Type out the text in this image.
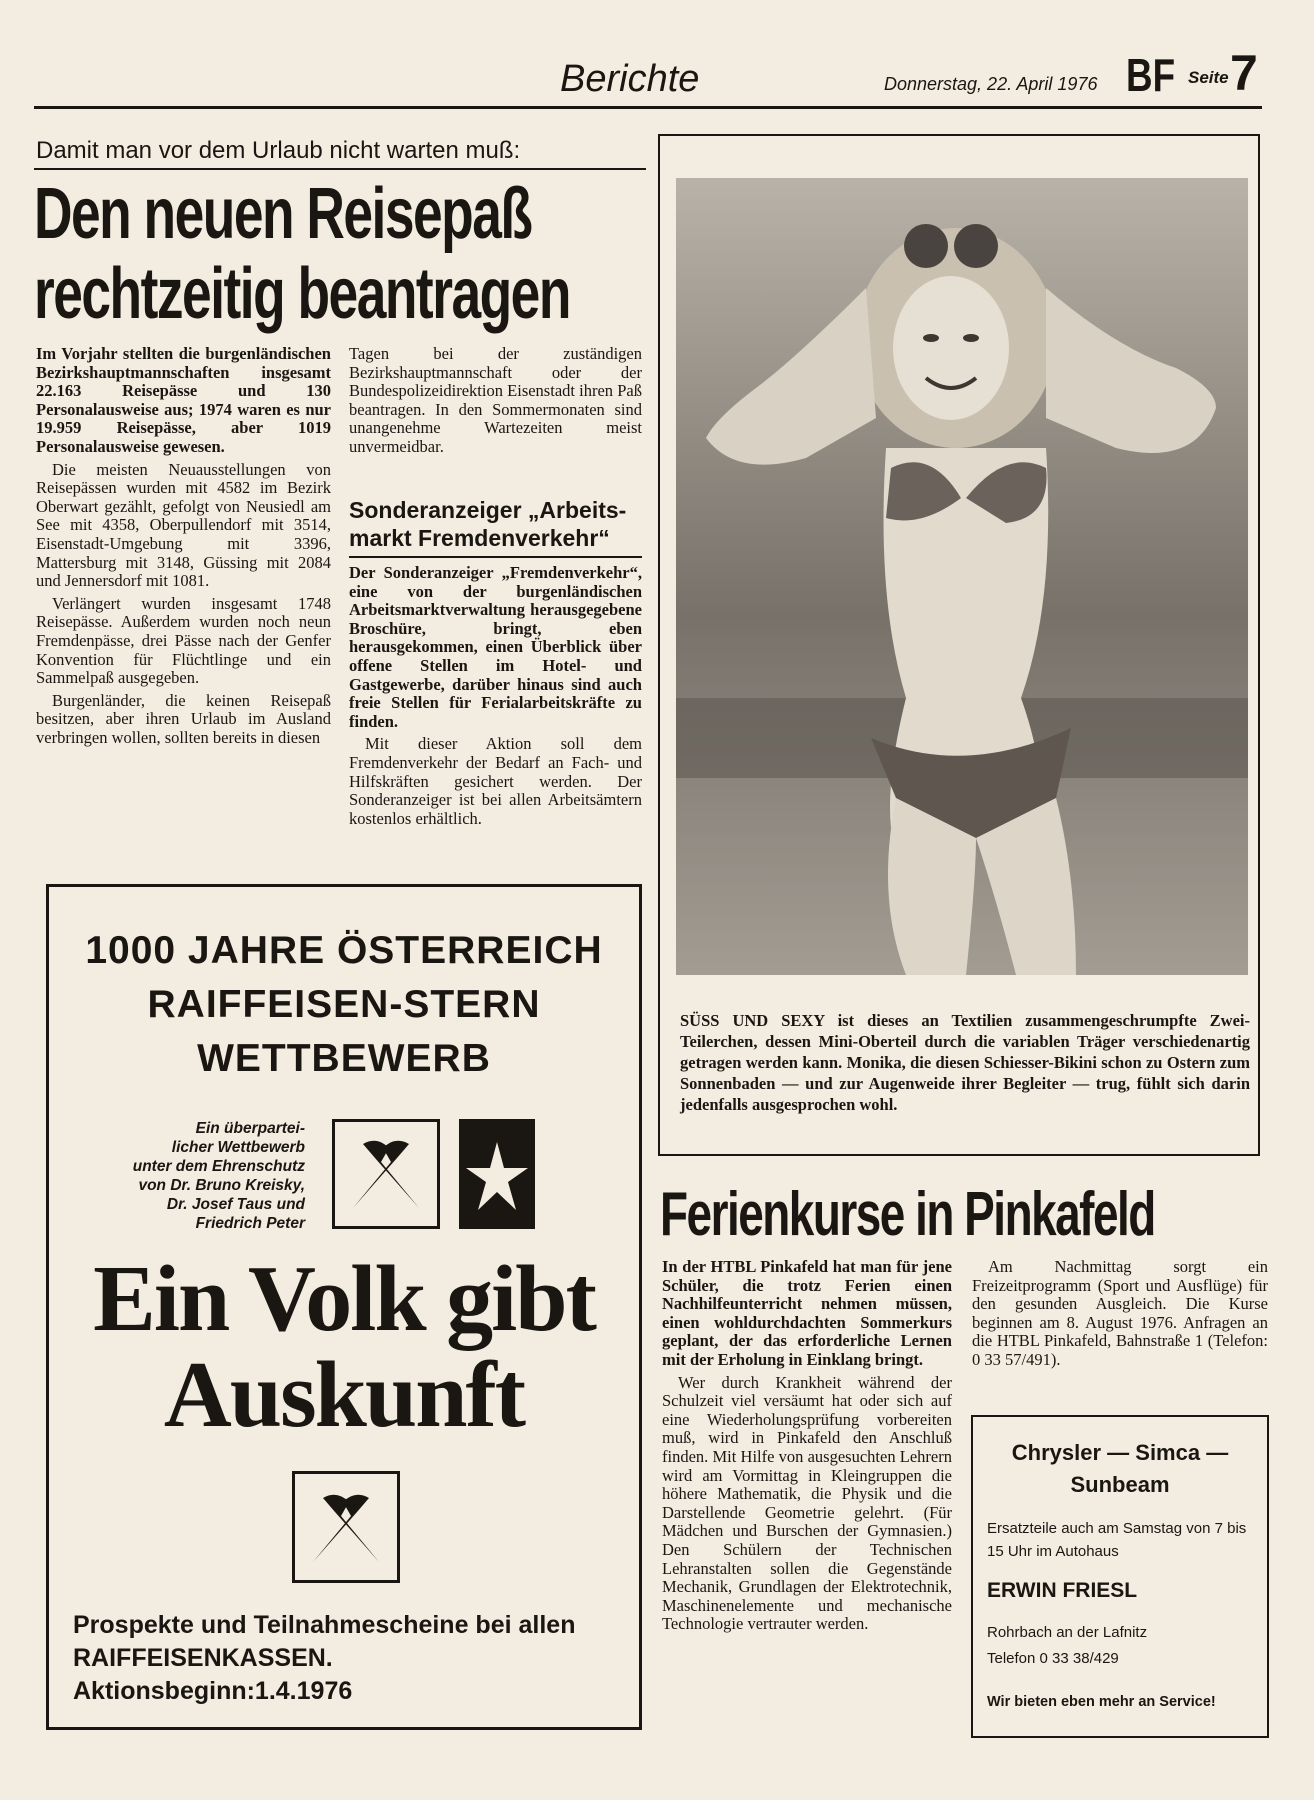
Berichte	Donnerstag, 22. April 1976 BF Seite 7
Damit man vor dem Urlaub nicht warten muß:
Den neuen Reisepaß
rechtzeitig beantragen

Im Vorjahr stellten die burgenländischen Bezirkshauptmannschaften insgesamt 22.163 Reisepässe und 130 Personalausweise aus; 1974 waren es nur 19.959 Reisepässe, aber 1019 Personalausweise gewesen.

Die meisten Neuausstellungen von Reisepässen wurden mit 4582 im Bezirk Oberwart gezählt, gefolgt von Neusiedl am See mit 4358, Oberpullendorf mit 3514, Eisenstadt-Umgebung mit 3396, Mattersburg mit 3148, Güssing mit 2084 und Jennersdorf mit 1081.

Verlängert wurden insgesamt 1748 Reisepässe. Außerdem wurden noch neun Fremdenpässe, drei Pässe nach der Genfer Konvention für Flüchtlinge und ein Sammelpaß ausgegeben.

Burgenländer, die keinen Reisepaß besitzen, aber ihren Urlaub im Ausland verbringen wollen, sollten bereits in diesen

Tagen bei der zuständigen Bezirkshauptmannschaft oder der Bundespolizeidirektion Eisenstadt ihren Paß beantragen. In den Sommermonaten sind unangenehme Wartezeiten meist unvermeidbar.

Sonderanzeiger „Arbeits-
markt Fremdenverkehr“

Der Sonderanzeiger „Fremdenverkehr“, eine von der burgenländischen Arbeitsmarktverwaltung herausgegebene Broschüre, bringt, eben herausgekommen, einen Überblick über offene Stellen im Hotel- und Gastgewerbe, darüber hinaus sind auch freie Stellen für Ferialarbeitskräfte zu finden.

Mit dieser Aktion soll dem Fremdenverkehr der Bedarf an Fach- und Hilfskräften gesichert werden. Der Sonderanzeiger ist bei allen Arbeitsämtern kostenlos erhältlich.

SÜSS UND SEXY ist dieses an Textilien zusammengeschrumpfte Zwei-Teilerchen, dessen Mini-Oberteil durch die variablen Träger verschiedenartig getragen werden kann. Monika, die diesen Schiesser-Bikini schon zu Ostern zum Sonnenbaden — und zur Augenweide ihrer Begleiter — trug, fühlt sich darin jedenfalls ausgesprochen wohl.
1000 JAHRE ÖSTERREICH
RAIFFEISEN-STERN
WETTBEWERB
Ein überpartei-
licher Wettbewerb
unter dem Ehrenschutz
von Dr. Bruno Kreisky,
Dr. Josef Taus und
Friedrich Peter
Ein Volk gibt
Auskunft
Prospekte und Teilnahmescheine bei allen
RAIFFEISENKASSEN.
Aktionsbeginn:1.4.1976
Ferienkurse in Pinkafeld

In der HTBL Pinkafeld hat man für jene Schüler, die trotz Ferien einen Nachhilfeunterricht nehmen müssen, einen wohldurchdachten Sommerkurs geplant, der das erforderliche Lernen mit der Erholung in Einklang bringt.

Wer durch Krankheit während der Schulzeit viel versäumt hat oder sich auf eine Wiederholungsprüfung vorbereiten muß, wird in Pinkafeld den Anschluß finden. Mit Hilfe von ausgesuchten Lehrern wird am Vormittag in Kleingruppen die höhere Mathematik, die Physik und die Darstellende Geometrie gelehrt. (Für Mädchen und Burschen der Gymnasien.) Den Schülern der Technischen Lehranstalten sollen die Gegenstände Mechanik, Grundlagen der Elektrotechnik, Maschinenelemente und mechanische Technologie vertrauter werden.

Am Nachmittag sorgt ein Freizeitprogramm (Sport und Ausflüge) für den gesunden Ausgleich. Die Kurse beginnen am 8. August 1976. Anfragen an die HTBL Pinkafeld, Bahnstraße 1 (Telefon: 0 33 57/491).

Chrysler — Simca —
Sunbeam
Ersatzteile auch am Samstag von 7 bis 15 Uhr im Autohaus
ERWIN FRIESL
Rohrbach an der Lafnitz
Telefon 0 33 38/429
Wir bieten eben mehr an Service!
